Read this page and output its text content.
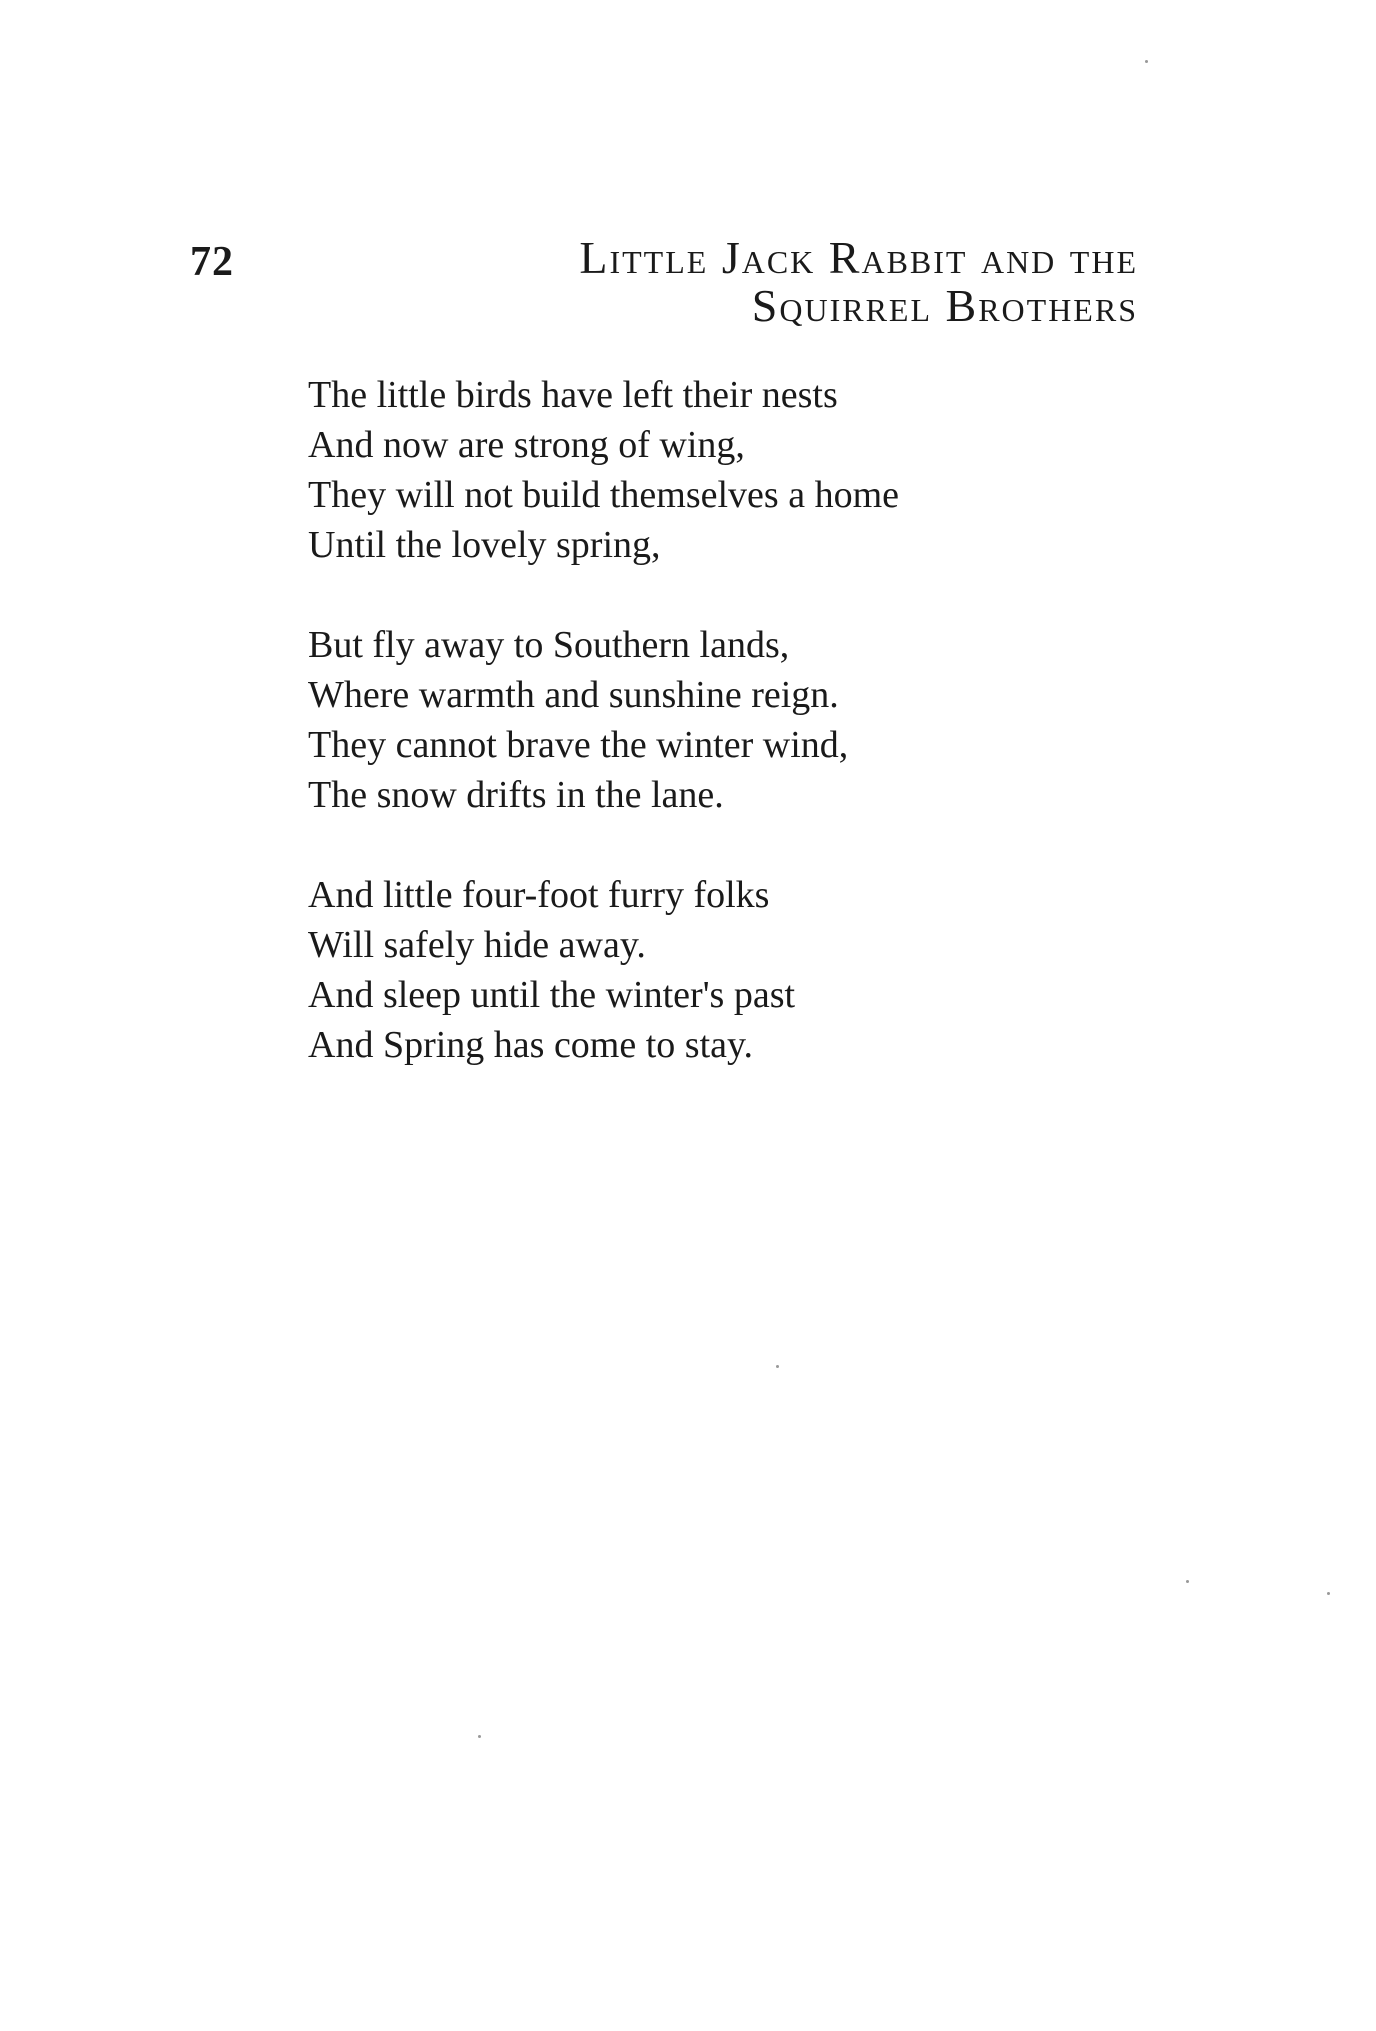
72	Little Jack Rabbit and the
Squirrel Brothers
The little birds have left their nests
And now are strong of wing,
They will not build themselves a home
Until the lovely spring,
But fly away to Southern lands,
Where warmth and sunshine reign.
They cannot brave the winter wind,
The snow drifts in the lane.
And little four-foot furry folks
Will safely hide away.
And sleep until the winter's past
And Spring has come to stay.
